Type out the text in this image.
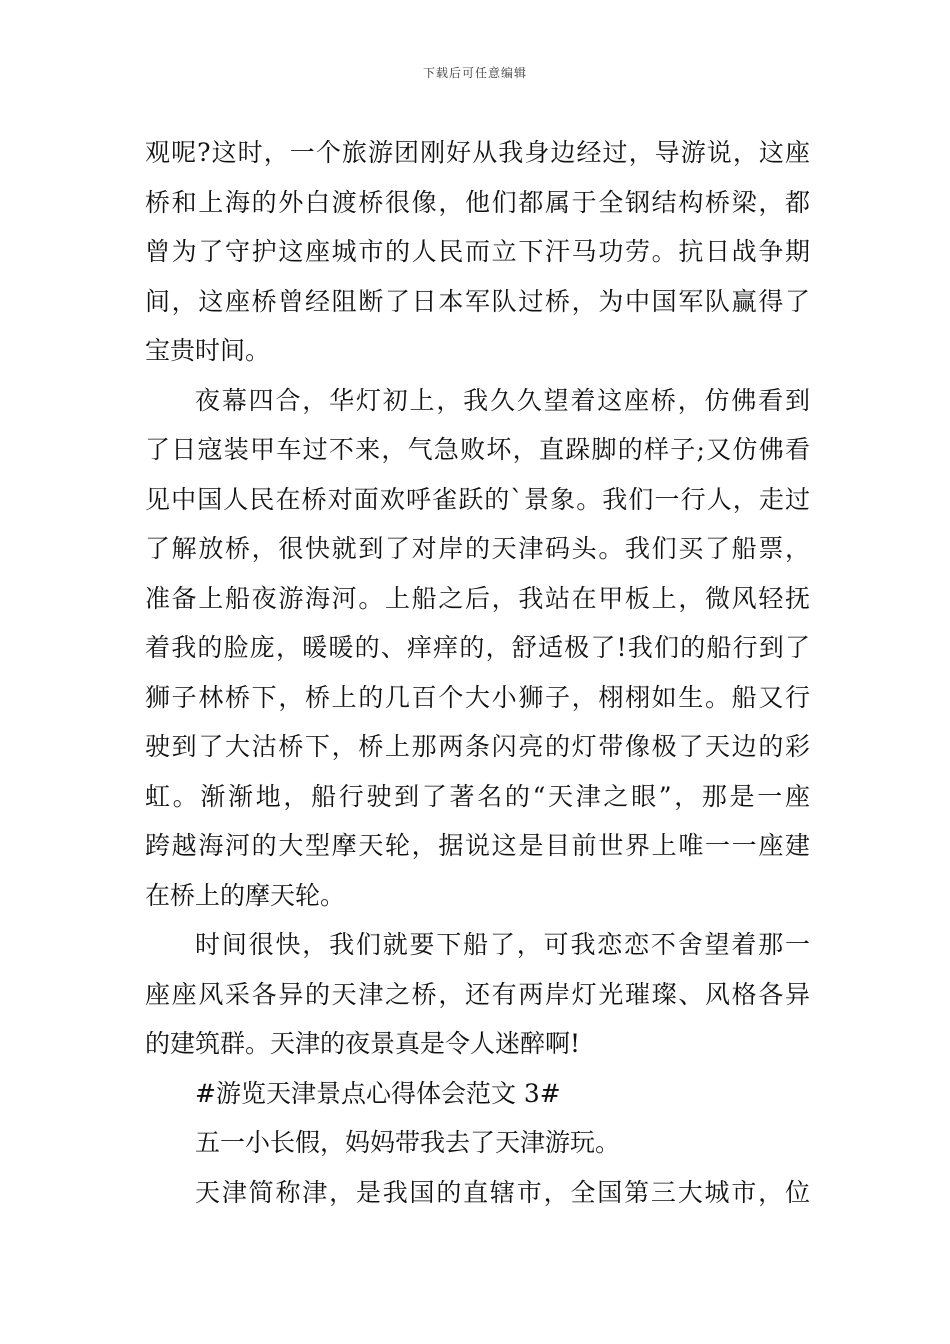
下载后可任意编辑
观呢?这时，一个旅游团刚好从我身边经过，导游说，这座
桥和上海的外白渡桥很像，他们都属于全钢结构桥梁，都
曾为了守护这座城市的人民而立下汗马功劳。抗日战争期
间，这座桥曾经阻断了日本军队过桥，为中国军队赢得了
宝贵时间。
夜幕四合，华灯初上，我久久望着这座桥，仿佛看到
了日寇装甲车过不来，气急败坏，直跺脚的样子;又仿佛看
见中国人民在桥对面欢呼雀跃的`景象。我们一行人，走过
了解放桥，很快就到了对岸的天津码头。我们买了船票，
准备上船夜游海河。上船之后，我站在甲板上，微风轻抚
着我的脸庞，暖暖的、痒痒的，舒适极了!我们的船行到了
狮子林桥下，桥上的几百个大小狮子，栩栩如生。船又行
驶到了大沽桥下，桥上那两条闪亮的灯带像极了天边的彩
虹。渐渐地，船行驶到了著名的“天津之眼”，那是一座
跨越海河的大型摩天轮，据说这是目前世界上唯一一座建
在桥上的摩天轮。
时间很快，我们就要下船了，可我恋恋不舍望着那一
座座风采各异的天津之桥，还有两岸灯光璀璨、风格各异
的建筑群。天津的夜景真是令人迷醉啊!
#游览天津景点心得体会范文 3#
五一小长假，妈妈带我去了天津游玩。
天津简称津，是我国的直辖市，全国第三大城市，位
